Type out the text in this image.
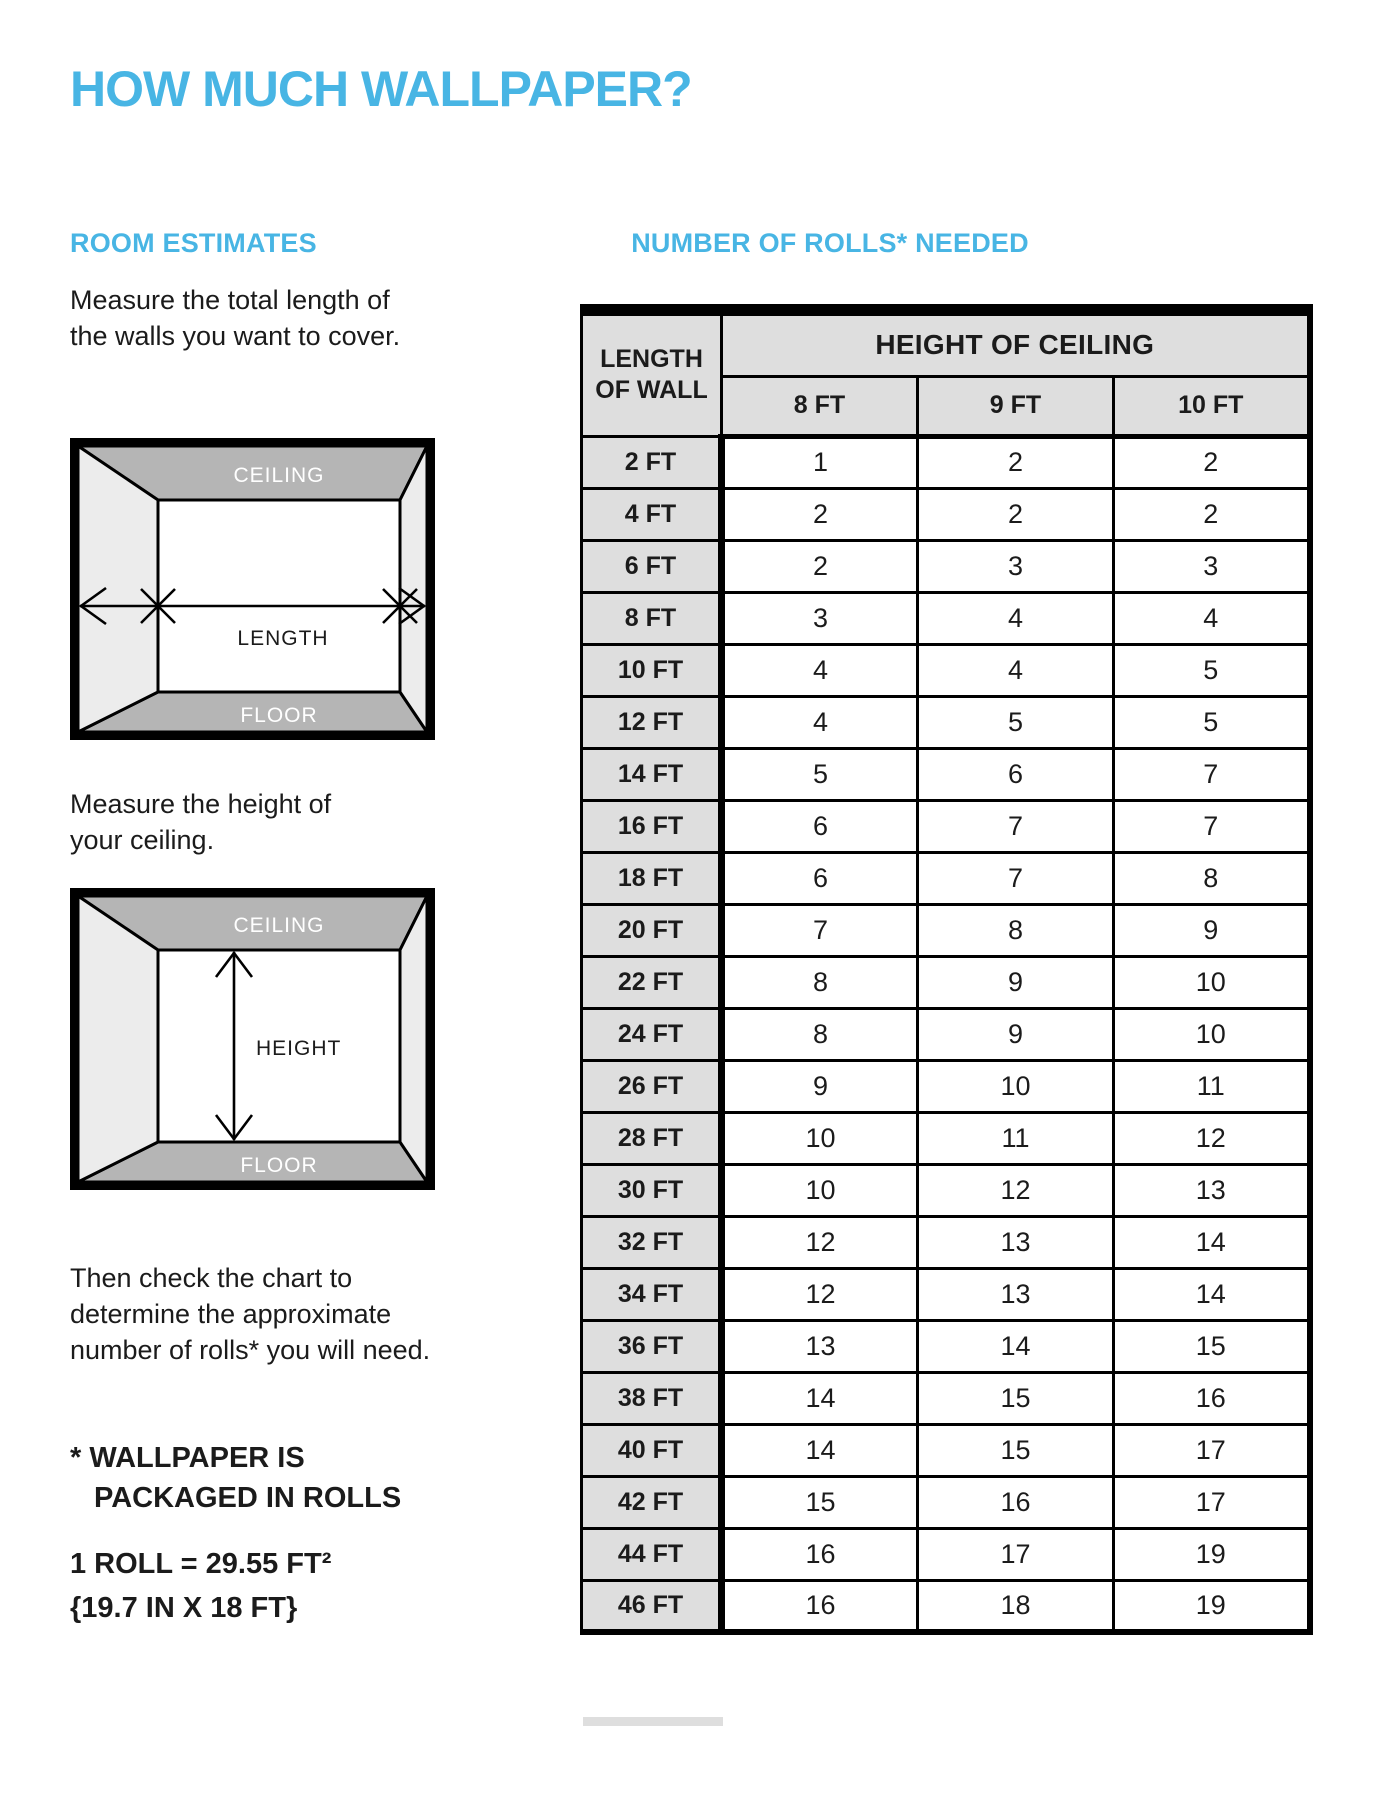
HOW MUCH WALLPAPER?
ROOM ESTIMATES

Measure the total length of
the walls you want to cover.

CEILING
FLOOR
LENGTH

Measure the height of
your ceiling.

CEILING
FLOOR
HEIGHT

Then check the chart to
determine the approximate
number of rolls* you will need.

* WALLPAPER IS
PACKAGED IN ROLLS

1 ROLL = 29.55 FT²
{19.7 IN X 18 FT}

NUMBER OF ROLLS* NEEDED
LENGTH
OF WALL	HEIGHT OF CEILING		
	8 FT	9 FT	10 FT
2 FT	1	2	2
4 FT	2	2	2
6 FT	2	3	3
8 FT	3	4	4
10 FT	4	4	5
12 FT	4	5	5
14 FT	5	6	7
16 FT	6	7	7
18 FT	6	7	8
20 FT	7	8	9
22 FT	8	9	10
24 FT	8	9	10
26 FT	9	10	11
28 FT	10	11	12
30 FT	10	12	13
32 FT	12	13	14
34 FT	12	13	14
36 FT	13	14	15
38 FT	14	15	16
40 FT	14	15	17
42 FT	15	16	17
44 FT	16	17	19
46 FT	16	18	19
